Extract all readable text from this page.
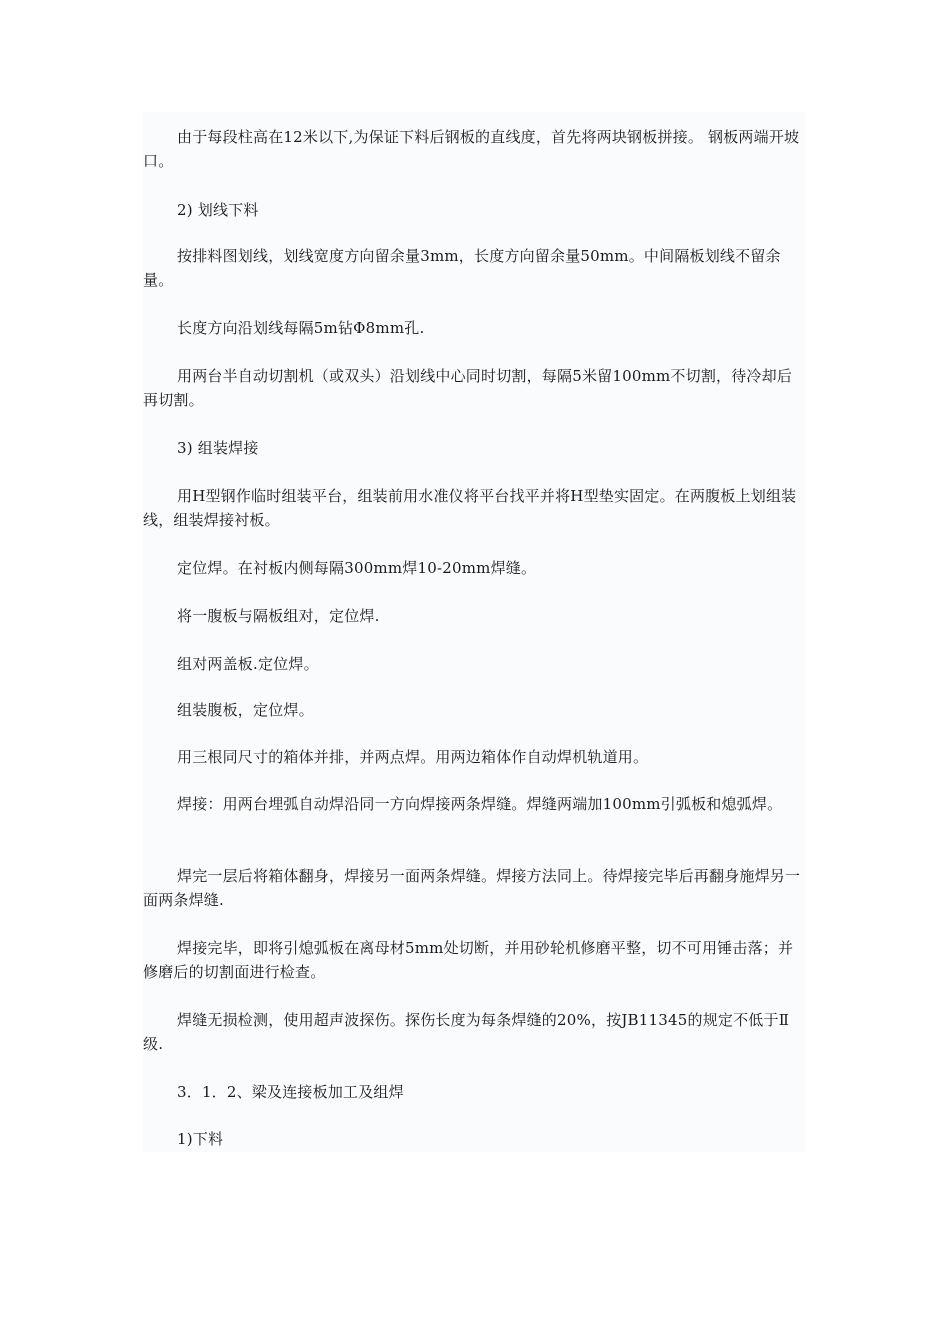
由于每段柱高在12米以下,为保证下料后钢板的直线度，首先将两块钢板拼接。 钢板两端开坡口。

2) 划线下料

按排料图划线，划线宽度方向留余量3mm，长度方向留余量50mm。中间隔板划线不留余量。

长度方向沿划线每隔5m钻Φ8mm孔.

用两台半自动切割机（或双头）沿划线中心同时切割，每隔5米留100mm不切割，待冷却后再切割。

3) 组装焊接

用H型钢作临时组装平台，组装前用水准仪将平台找平并将H型垫实固定。在两腹板上划组装线，组装焊接衬板。

定位焊。在衬板内侧每隔300mm焊10-20mm焊缝。

将一腹板与隔板组对，定位焊.

组对两盖板.定位焊。

组装腹板，定位焊。

用三根同尺寸的箱体并排，并两点焊。用两边箱体作自动焊机轨道用。

焊接：用两台埋弧自动焊沿同一方向焊接两条焊缝。焊缝两端加100mm引弧板和熄弧焊。

焊完一层后将箱体翻身，焊接另一面两条焊缝。焊接方法同上。待焊接完毕后再翻身施焊另一面两条焊缝.

焊接完毕，即将引熄弧板在离母材5mm处切断，并用砂轮机修磨平整，切不可用锤击落；并修磨后的切割面进行检查。

焊缝无损检测，使用超声波探伤。探伤长度为每条焊缝的20%，按JB11345的规定不低于Ⅱ级.

3．1．2、梁及连接板加工及组焊

1)下料
